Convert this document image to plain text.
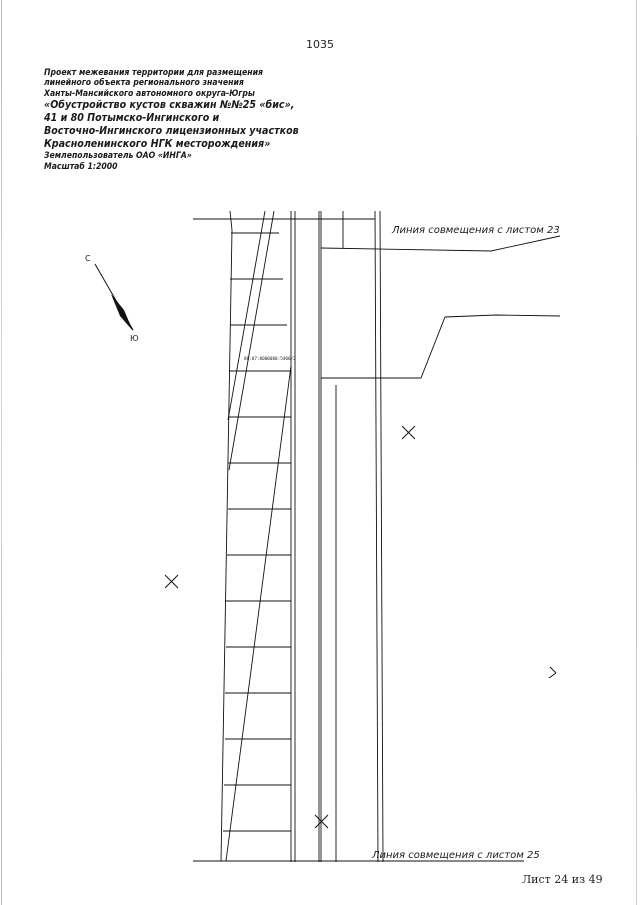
1035
Проект межевания территории для размещения
линейного объекта регионального значения
Ханты-Мансийского автономного округа-Югры
«Обустройство кустов скважин №№25 «бис»,
41 и 80 Потымско-Ингинского и
Восточно-Ингинского лицензионных участков
Красноленинского НГК месторождения»
Землепользователь ОАО «ИНГА»
Масштаб 1:2000
86:07:0000000:5406/2
Линия совмещения с листом 23
Линия совмещения с листом 25
С
Ю
Лист 24 из 49
